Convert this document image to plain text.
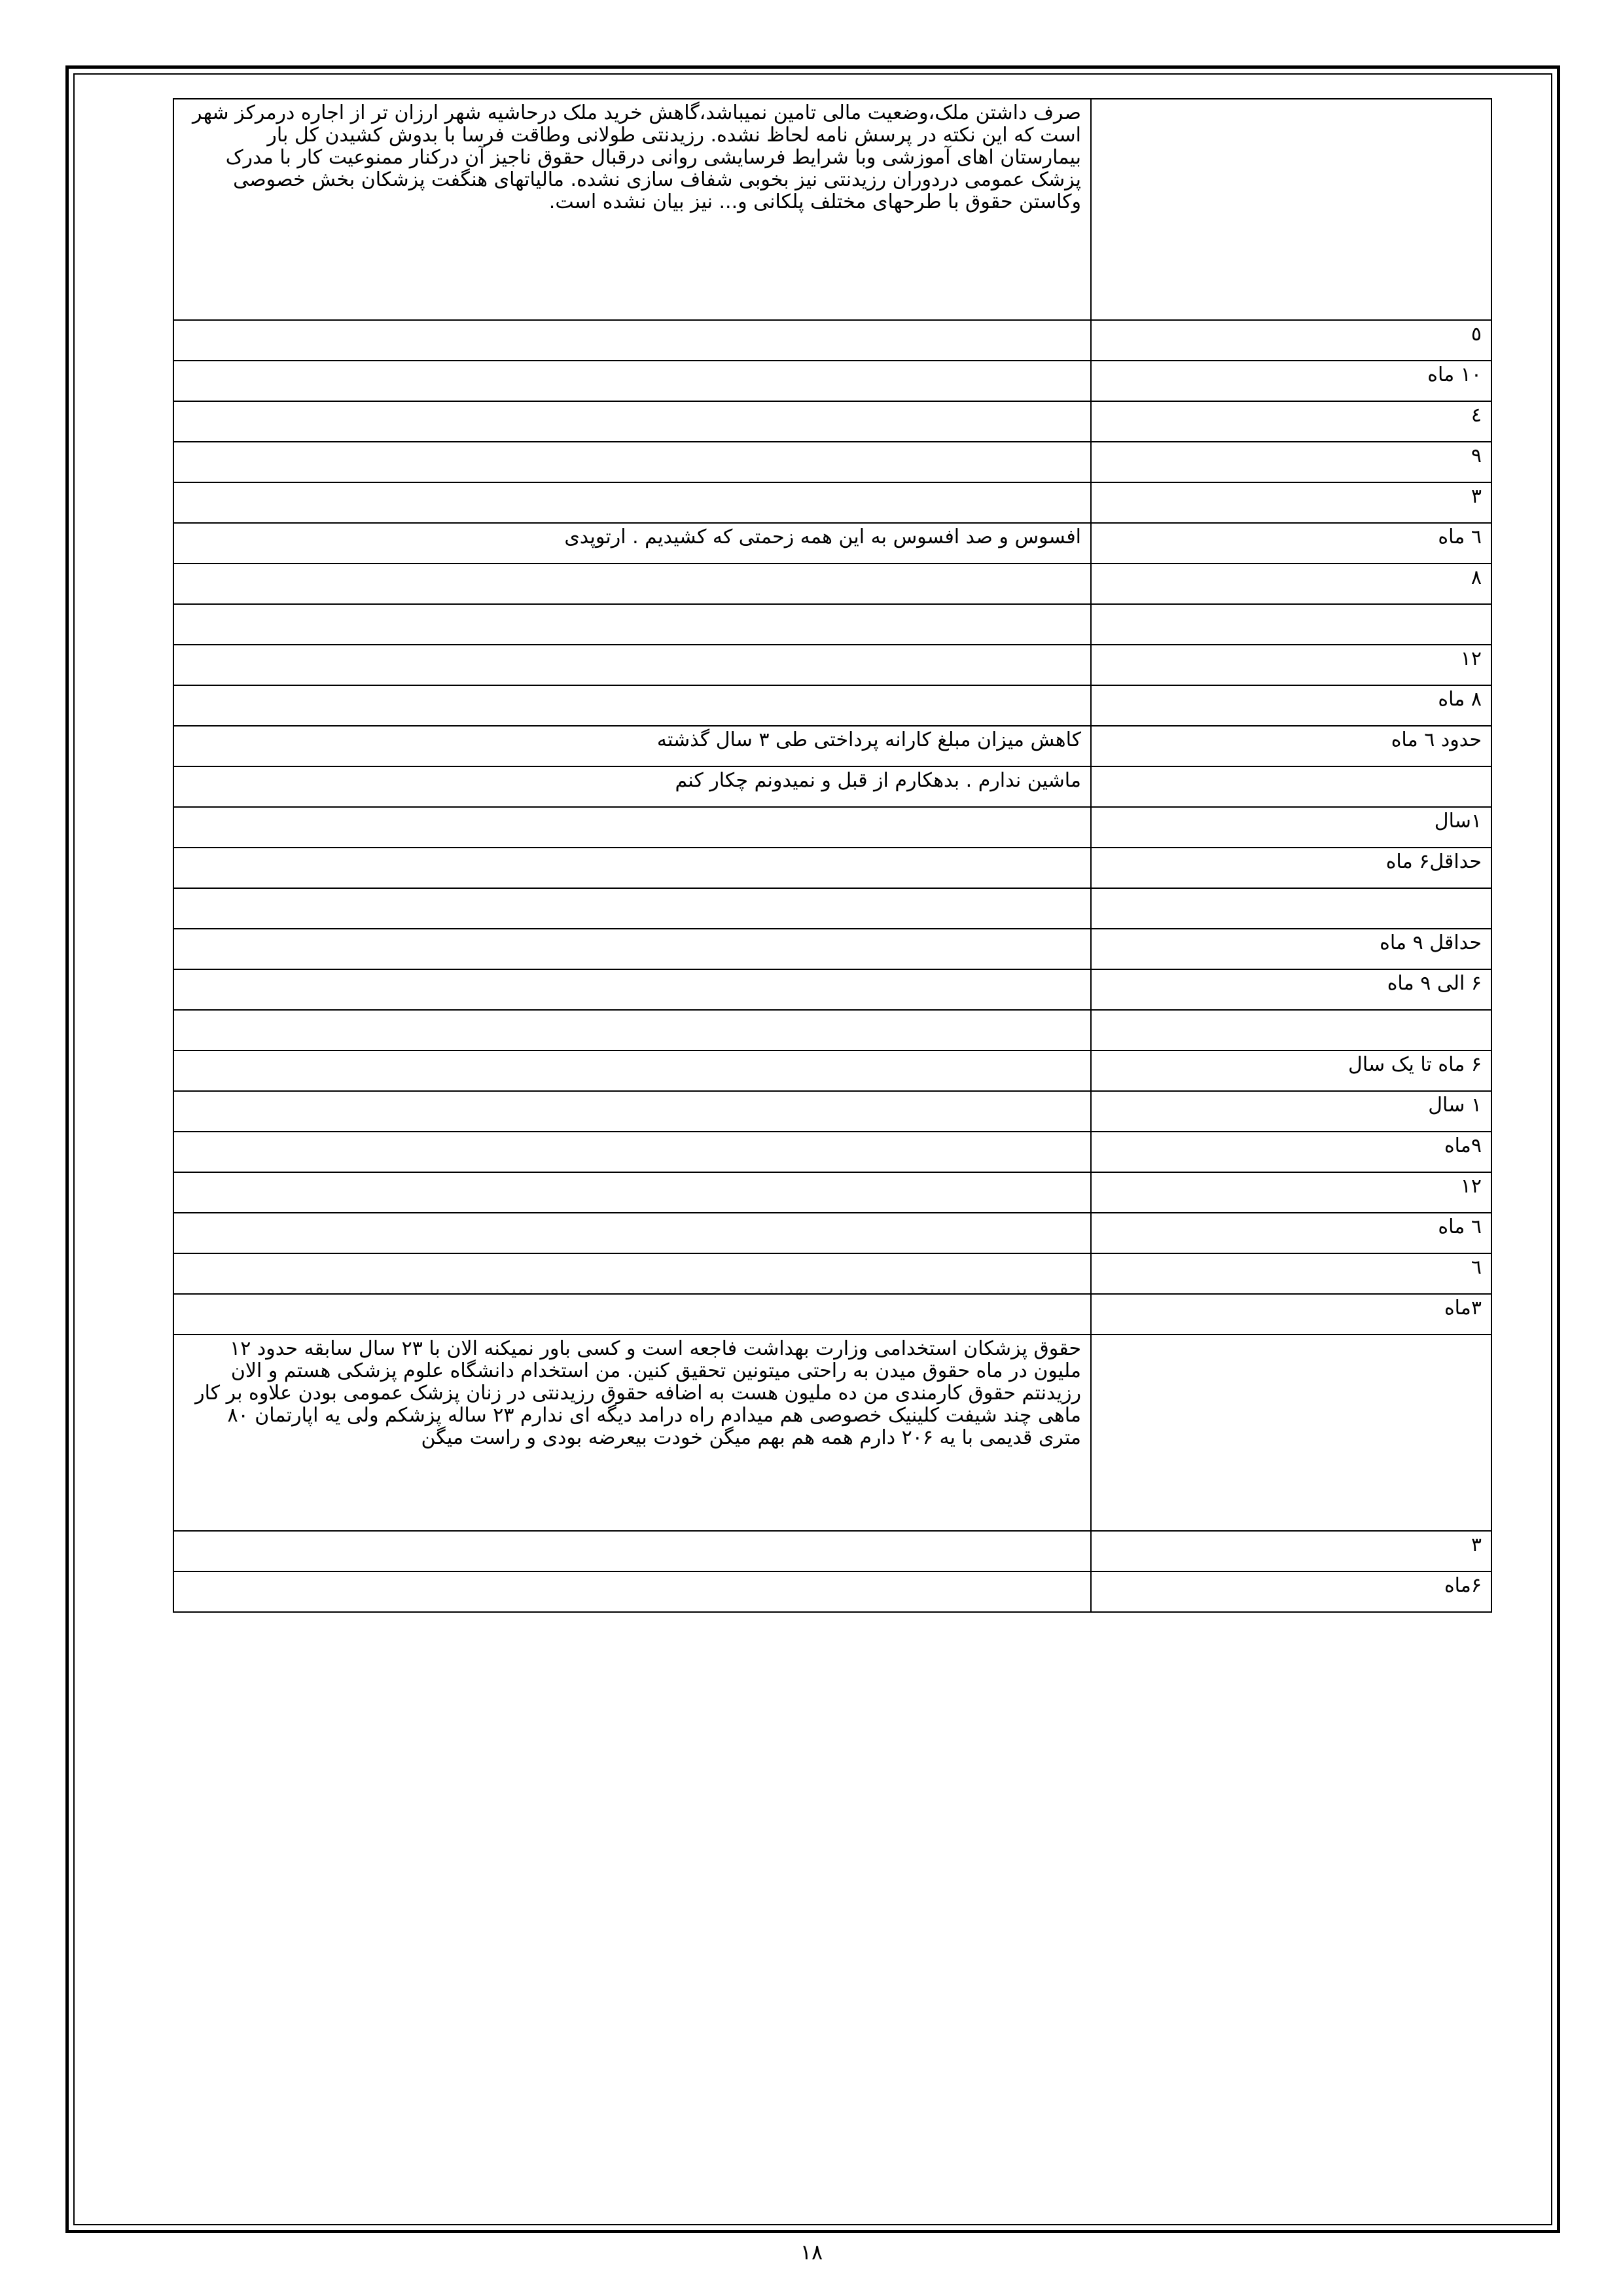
	صرف داشتن ملک،وضعیت مالی تامین نمیباشد،گاهش خرید ملک درحاشیه شهر ارزان تر از اجاره درمرکز شهر است که این نکته در پرسش نامه لحاظ نشده. رزیدنتی طولانی وطاقت فرسا با بدوش کشیدن کل بار بیمارستان اهای آموزشی وبا شرایط فرسایشی روانی درقبال حقوق ناجیز آن درکنار ممنوعیت کار با مدرک پزشک عمومی دردوران رزیدنتی نیز بخوبی شفاف سازی نشده. مالیاتهای هنگفت پزشکان بخش خصوصی وکاستن حقوق با طرحهای مختلف پلکانی و... نیز بیان نشده است.
٥	
۱۰ ماه	
٤	
۹	
۳	
٦ ماه	افسوس و صد افسوس به این همه زحمتی که کشیدیم . ارتوپدی
۸	

۱۲	
۸ ماه	
حدود ٦ ماه	کاهش میزان مبلغ کارانه پرداختی طی ۳ سال گذشته
	ماشین ندارم . بدهکارم از قبل و نمیدونم چکار کنم
۱سال	
حداقل۶ ماه	

حداقل ۹ ماه	
۶ الی ۹ ماه	

۶ ماه تا یک سال	
۱ سال	
۹ماه	
۱۲	
٦ ماه	
٦	
۳ماه	
	حقوق پزشکان استخدامی وزارت بهداشت فاجعه است و کسی باور نمیکنه الان با ۲۳ سال سابقه حدود ۱۲ ملیون در ماه حقوق میدن به راحتی میتونین تحقیق کنین. من استخدام دانشگاه علوم پزشکی هستم و الان رزیدنتم حقوق کارمندی من ده ملیون هست به اضافه حقوق رزیدنتی در زنان پزشک عمومی بودن علاوه بر کار ماهی چند شیفت کلینیک خصوصی هم میدادم راه درامد دیگه ای ندارم ۲۳ ساله پزشکم ولی یه اپارتمان ۸۰ متری قدیمی با یه ۲۰۶ دارم همه هم بهم میگن خودت بیعرضه بودی و راست میگن
۳	
۶ماه	
۱۸
